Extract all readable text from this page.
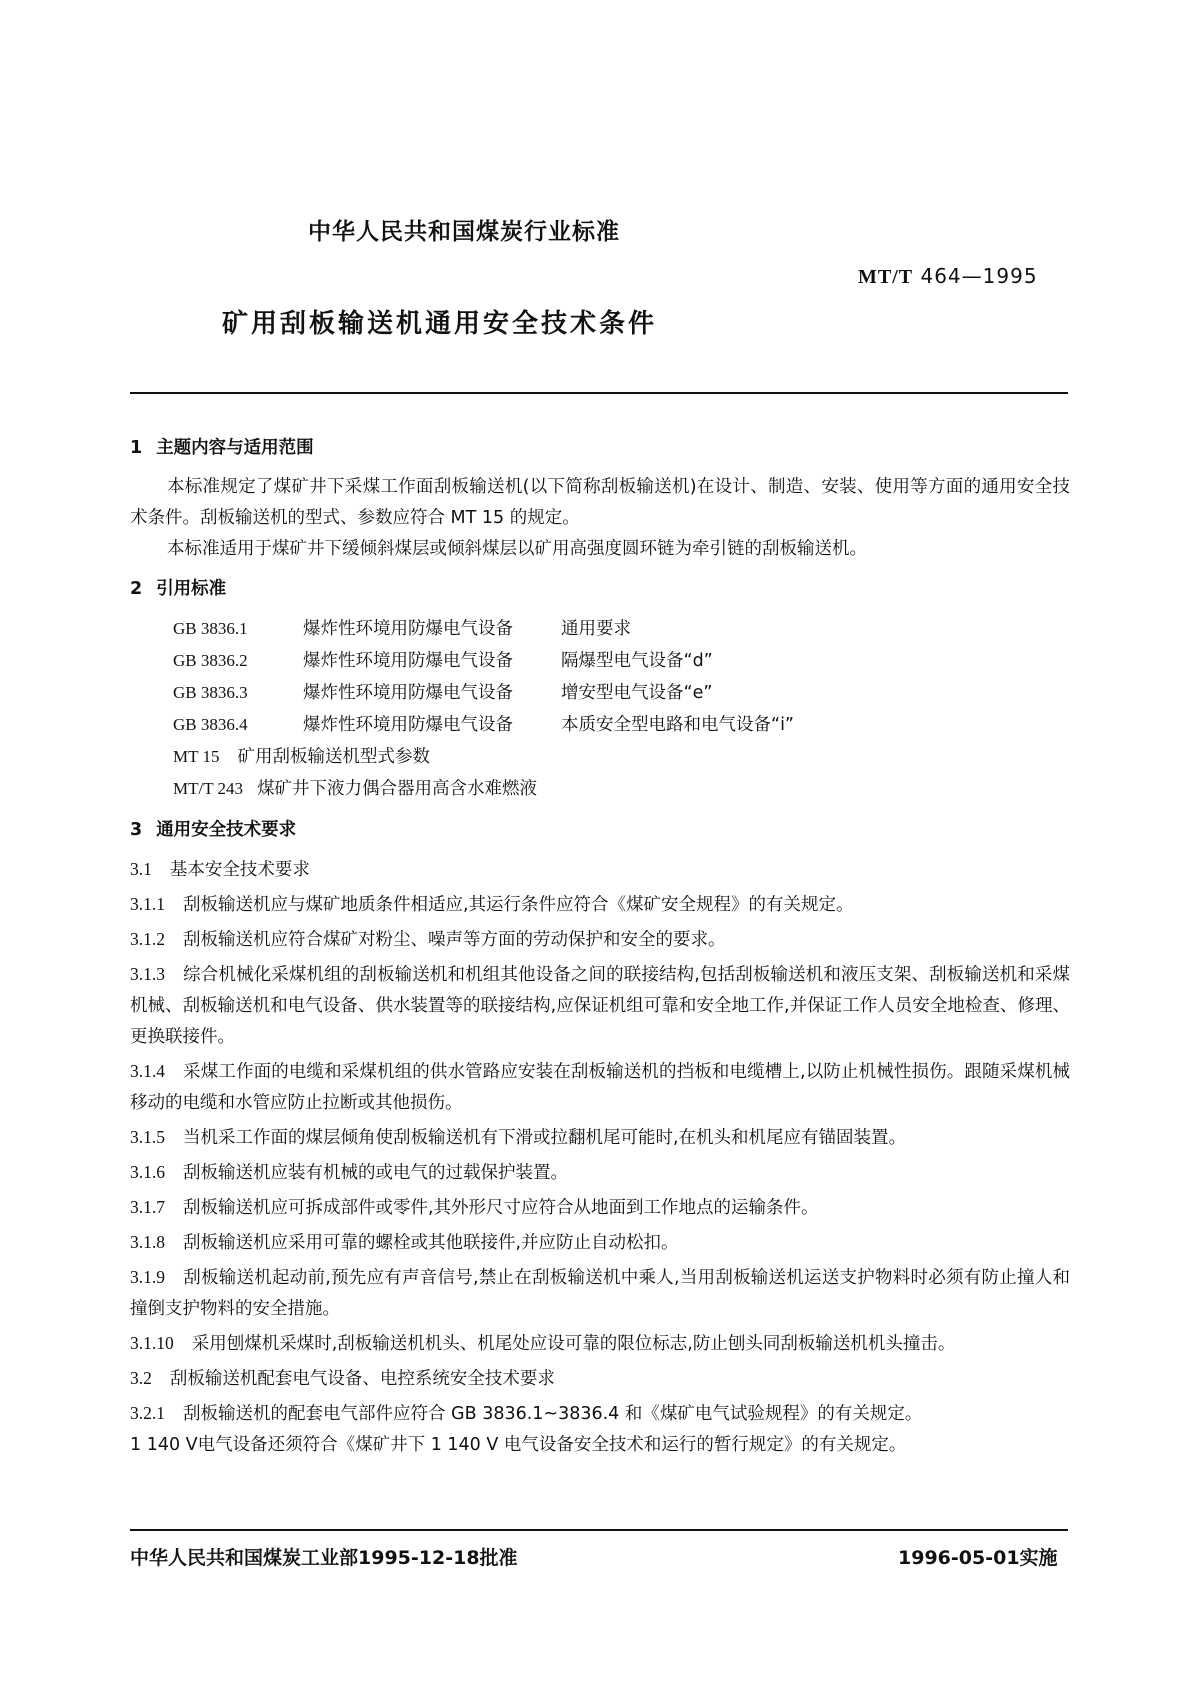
中华人民共和国煤炭行业标准
MT/T 464—1995
矿用刮板输送机通用安全技术条件

1 主题内容与适用范围

本标准规定了煤矿井下采煤工作面刮板输送机(以下简称刮板输送机)在设计、制造、安装、使用等方面的通用安全技术条件。刮板输送机的型式、参数应符合 MT 15 的规定。

本标准适用于煤矿井下缓倾斜煤层或倾斜煤层以矿用高强度圆环链为牵引链的刮板输送机。

2 引用标准

GB 3836.1	爆炸性环境用防爆电气设备	通用要求
GB 3836.2	爆炸性环境用防爆电气设备	隔爆型电气设备“d”
GB 3836.3	爆炸性环境用防爆电气设备	增安型电气设备“e”
GB 3836.4	爆炸性环境用防爆电气设备	本质安全型电路和电气设备“i”
MT 15 矿用刮板输送机型式参数
MT/T 243 煤矿井下液力偶合器用高含水难燃液

3 通用安全技术要求

3.1 基本安全技术要求

3.1.1 刮板输送机应与煤矿地质条件相适应,其运行条件应符合《煤矿安全规程》的有关规定。

3.1.2 刮板输送机应符合煤矿对粉尘、噪声等方面的劳动保护和安全的要求。

3.1.3 综合机械化采煤机组的刮板输送机和机组其他设备之间的联接结构,包括刮板输送机和液压支架、刮板输送机和采煤机械、刮板输送机和电气设备、供水装置等的联接结构,应保证机组可靠和安全地工作,并保证工作人员安全地检查、修理、更换联接件。

3.1.4 采煤工作面的电缆和采煤机组的供水管路应安装在刮板输送机的挡板和电缆槽上,以防止机械性损伤。跟随采煤机械移动的电缆和水管应防止拉断或其他损伤。

3.1.5 当机采工作面的煤层倾角使刮板输送机有下滑或拉翻机尾可能时,在机头和机尾应有锚固装置。

3.1.6 刮板输送机应装有机械的或电气的过载保护装置。

3.1.7 刮板输送机应可拆成部件或零件,其外形尺寸应符合从地面到工作地点的运输条件。

3.1.8 刮板输送机应采用可靠的螺栓或其他联接件,并应防止自动松扣。

3.1.9 刮板输送机起动前,预先应有声音信号,禁止在刮板输送机中乘人,当用刮板输送机运送支护物料时必须有防止撞人和撞倒支护物料的安全措施。

3.1.10 采用刨煤机采煤时,刮板输送机机头、机尾处应设可靠的限位标志,防止刨头同刮板输送机机头撞击。

3.2 刮板输送机配套电气设备、电控系统安全技术要求

3.2.1 刮板输送机的配套电气部件应符合 GB 3836.1~3836.4 和《煤矿电气试验规程》的有关规定。

1 140 V电气设备还须符合《煤矿井下 1 140 V 电气设备安全技术和运行的暂行规定》的有关规定。

中华人民共和国煤炭工业部1995-12-18批准	1996-05-01实施
